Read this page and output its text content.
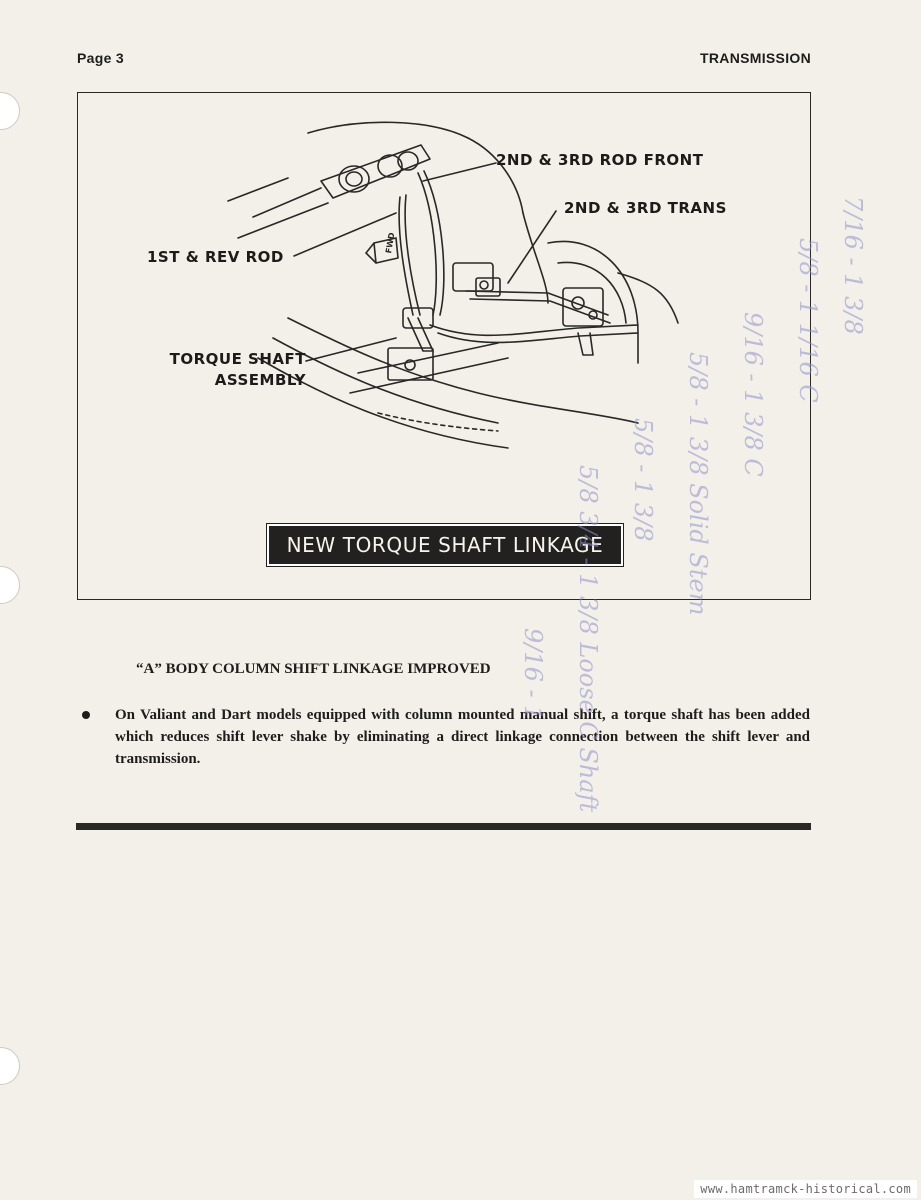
Page 3	TRANSMISSION
FWD
2ND & 3RD ROD FRONT
2ND & 3RD TRANS
1ST & REV ROD
TORQUE SHAFT
ASSEMBLY
NEW TORQUE SHAFT LINKAGE
“A” BODY COLUMN SHIFT LINKAGE IMPROVED
On Valiant and Dart models equipped with column mounted manual shift, a torque shaft has been added which reduces shift lever shake by eliminating a direct linkage connection between the shift lever and transmission.
7/16 - 1 3/8
5/8 - 1 1/16 C
9/16 - 1 3/8 C
5/8 - 1 3/8 Solid Stem
5/8 - 1 3/8
5/8 3/4 - 1 3/8 Loose C Shaft
9/16 - 1
www.hamtramck-historical.com
